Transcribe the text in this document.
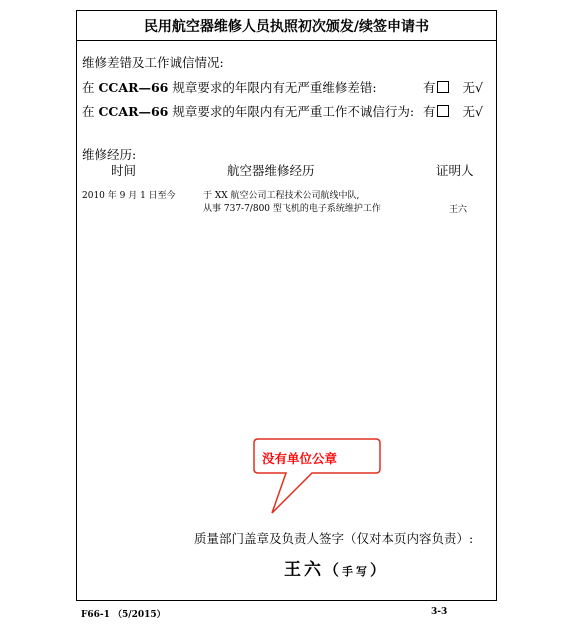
民用航空器维修人员执照初次颁发/续签申请书
维修差错及工作诚信情况:
在 CCAR—66 规章要求的年限内有无严重维修差错:	有 无√
在 CCAR—66 规章要求的年限内有无严重工作不诚信行为: 有 无√
维修经历:
时间	航空器维修经历	证明人
2010 年 9 月 1 日至今	于 XX 航空公司工程技术公司航线中队,
从事 737-7/800 型飞机的电子系统维护工作	王六
质量部门盖章及负责人签字（仅对本页内容负责）:
没有单位公章
王六（手写）
F66-1 （5/2015）	3-3
